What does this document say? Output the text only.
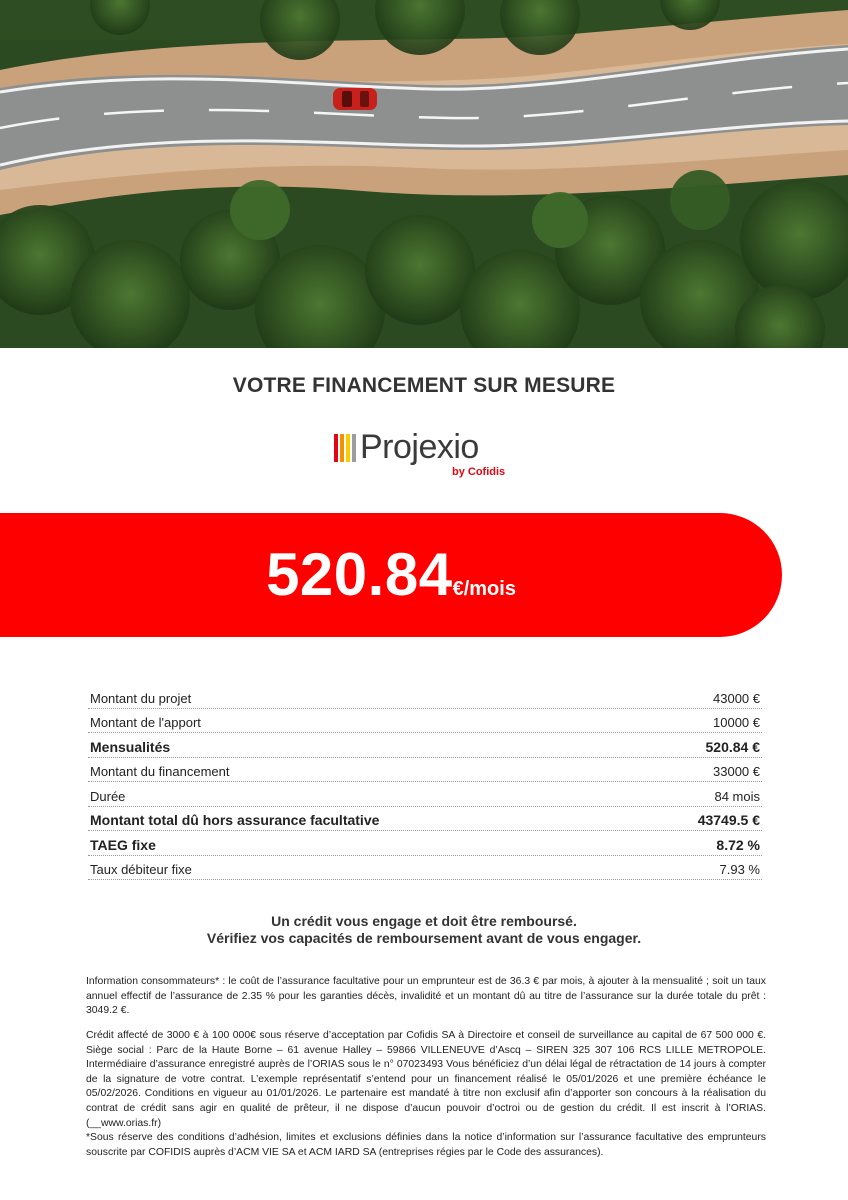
VOTRE FINANCEMENT SUR MESURE
Projexio
by Cofidis
520.84€/mois
Montant du projet	43000 €
Montant de l'apport	10000 €
Mensualités	520.84 €
Montant du financement	33000 €
Durée	84 mois
Montant total dû hors assurance facultative	43749.5 €
TAEG fixe	8.72 %
Taux débiteur fixe	7.93 %
Un crédit vous engage et doit être remboursé.
Vérifiez vos capacités de remboursement avant de vous engager.

Information consommateurs* : le coût de l’assurance facultative pour un emprunteur est de 36.3 € par mois, à ajouter à la mensualité ; soit un taux annuel effectif de l’assurance de 2.35 % pour les garanties décès, invalidité et un montant dû au titre de l’assurance sur la durée totale du prêt : 3049.2 €.

Crédit affecté de 3000 € à 100 000€ sous réserve d’acceptation par Cofidis SA à Directoire et conseil de surveillance au capital de 67 500 000 €. Siège social : Parc de la Haute Borne – 61 avenue Halley – 59866 VILLENEUVE d’Ascq – SIREN 325 307 106 RCS LILLE METROPOLE. Intermédiaire d’assurance enregistré auprès de l’ORIAS sous le n° 07023493 Vous bénéficiez d’un délai légal de rétractation de 14 jours à compter de la signature de votre contrat. L’exemple représentatif s’entend pour un financement réalisé le 05/01/2026 et une première échéance le 05/02/2026. Conditions en vigueur au 01/01/2026. Le partenaire est mandaté à titre non exclusif afin d’apporter son concours à la réalisation du contrat de crédit sans agir en qualité de prêteur, il ne dispose d’aucun pouvoir d’octroi ou de gestion du crédit. Il est inscrit à l’ORIAS. (__www.orias.fr)

*Sous réserve des conditions d’adhésion, limites et exclusions définies dans la notice d’information sur l’assurance facultative des emprunteurs souscrite par COFIDIS auprès d’ACM VIE SA et ACM IARD SA (entreprises régies par le Code des assurances).
